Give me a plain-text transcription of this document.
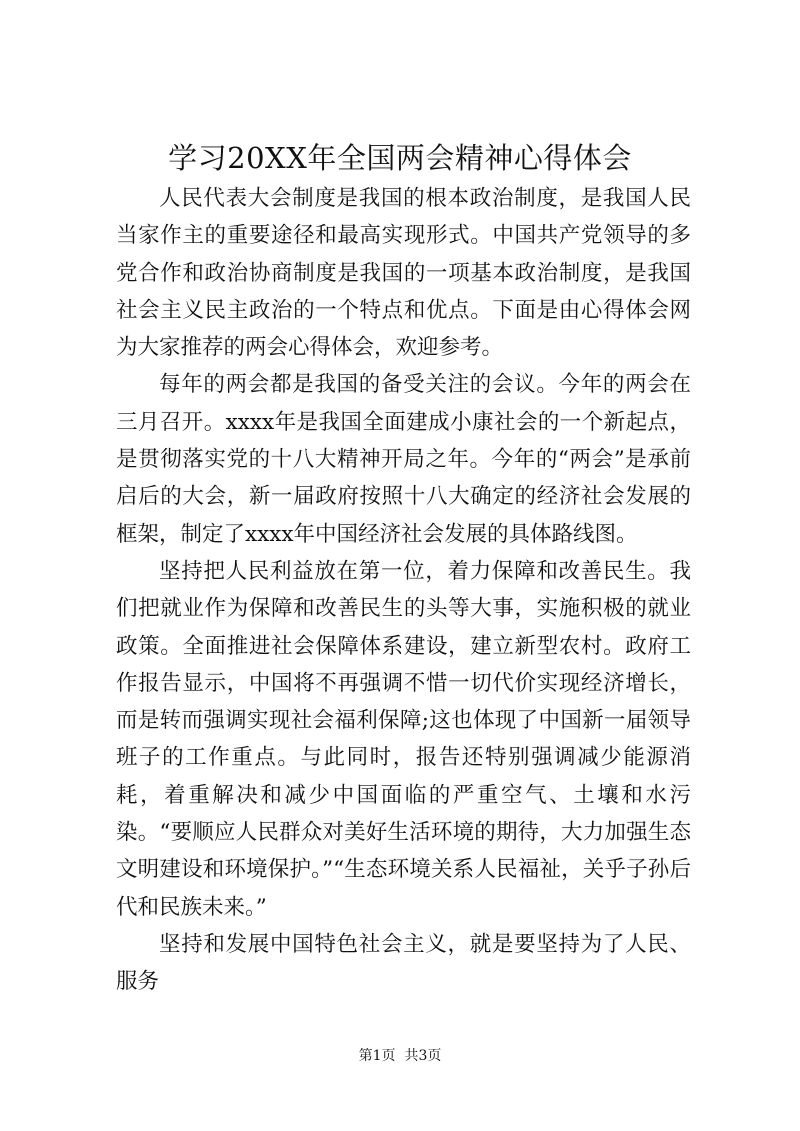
学习20XX年全国两会精神心得体会

人民代表大会制度是我国的根本政治制度，是我国人民当家作主的重要途径和最高实现形式。中国共产党领导的多党合作和政治协商制度是我国的一项基本政治制度，是我国社会主义民主政治的一个特点和优点。下面是由心得体会网为大家推荐的两会心得体会，欢迎参考。

每年的两会都是我国的备受关注的会议。今年的两会在三月召开。xxxx年是我国全面建成小康社会的一个新起点，是贯彻落实党的十八大精神开局之年。今年的“两会”是承前启后的大会，新一届政府按照十八大确定的经济社会发展的框架，制定了xxxx年中国经济社会发展的具体路线图。

坚持把人民利益放在第一位，着力保障和改善民生。我们把就业作为保障和改善民生的头等大事，实施积极的就业政策。全面推进社会保障体系建设，建立新型农村。政府工作报告显示，中国将不再强调不惜一切代价实现经济增长，而是转而强调实现社会福利保障;这也体现了中国新一届领导班子的工作重点。与此同时，报告还特别强调减少能源消耗，着重解决和减少中国面临的严重空气、土壤和水污染。“要顺应人民群众对美好生活环境的期待，大力加强生态文明建设和环境保护。”“生态环境关系人民福祉，关乎子孙后代和民族未来。”

坚持和发展中国特色社会主义，就是要坚持为了人民、服务

第1页 共3页
